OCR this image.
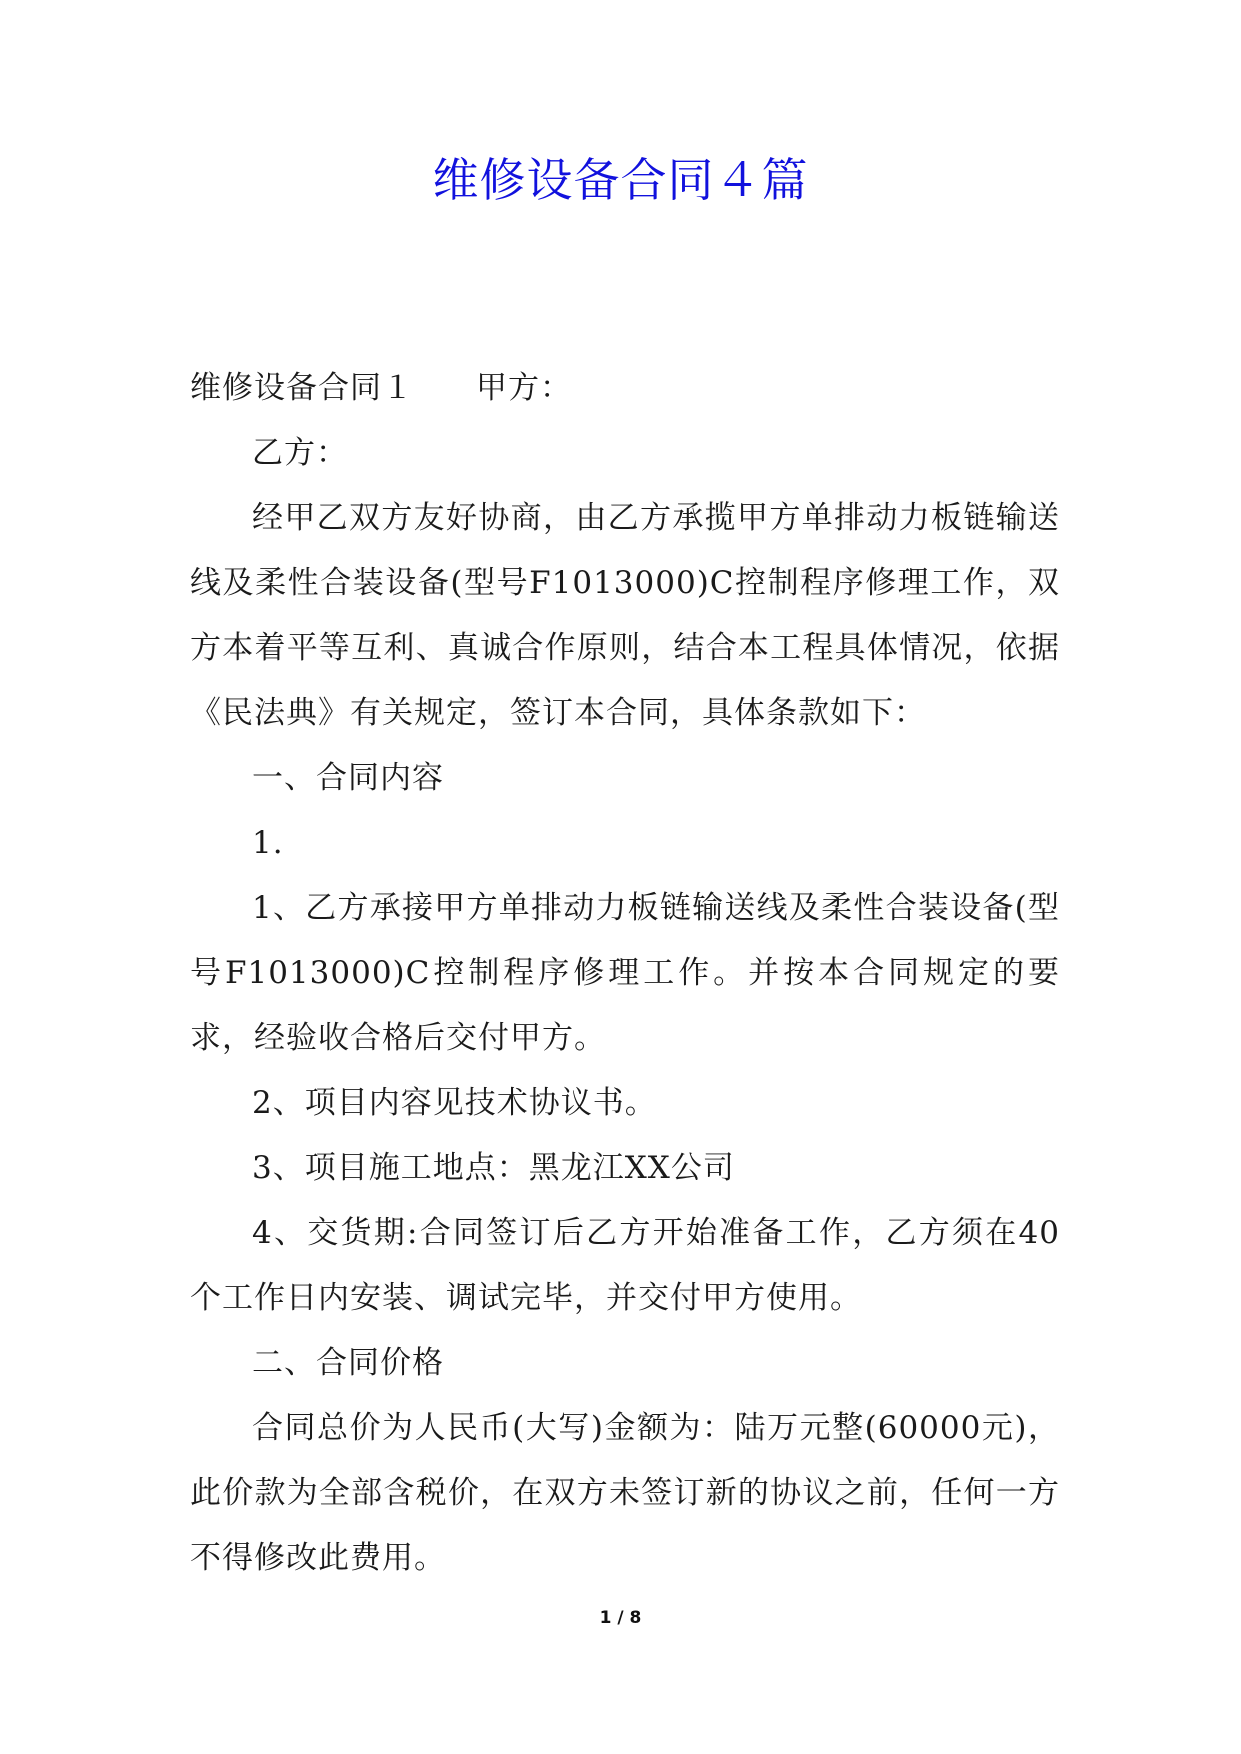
维修设备合同４篇

维修设备合同１ 甲方：

乙方：

经甲乙双方友好协商，由乙方承揽甲方单排动力板链输送线及柔性合装设备(型号F1013000)C控制程序修理工作，双方本着平等互利、真诚合作原则，结合本工程具体情况，依据《民法典》有关规定，签订本合同，具体条款如下：

一、合同内容

1.

1、乙方承接甲方单排动力板链输送线及柔性合装设备(型号F1013000)C控制程序修理工作。并按本合同规定的要求，经验收合格后交付甲方。

2、项目内容见技术协议书。

3、项目施工地点：黑龙江XX公司

4、交货期:合同签订后乙方开始准备工作，乙方须在40个工作日内安装、调试完毕，并交付甲方使用。

二、合同价格

合同总价为人民币(大写)金额为：陆万元整(60000元)，此价款为全部含税价，在双方未签订新的协议之前，任何一方不得修改此费用。

1 / 8
